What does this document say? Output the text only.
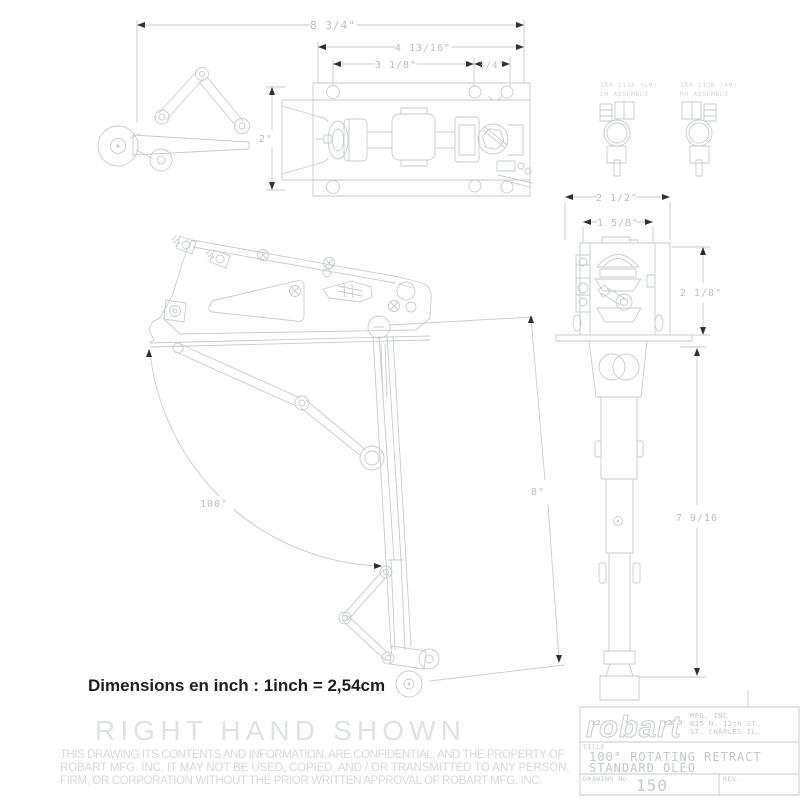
8 3/4"
4 13/16"
3 1/8"	3/4"
2"
150-113A (LH)
LH ASSEMBLY
150-113B (RH)
RH ASSEMBLY
100°
8"
2 1/2"
1 5/8"
2 1/8"
7 9/16
Dimensions en inch : 1inch = 2,54cm
RIGHT HAND SHOWN
THIS DRAWING ITS CONTENTS AND INFORMATION, ARE CONFIDENTIAL, AND THE PROPERTY OF
ROBART MFG. INC. IT MAY NOT BE USED, COPIED, AND / OR TRANSMITTED TO ANY PERSON,
FIRM, OR CORPORATION WITHOUT THE PRIOR WRITTEN APPROVAL OF ROBART MFG. INC.
robart MFG. INC
625 N. 12th ST.
ST. CHARLES IL.
TITLE
100° ROTATING RETRACT
STANDARD OLEO
DRAWING No. 150	REV.
